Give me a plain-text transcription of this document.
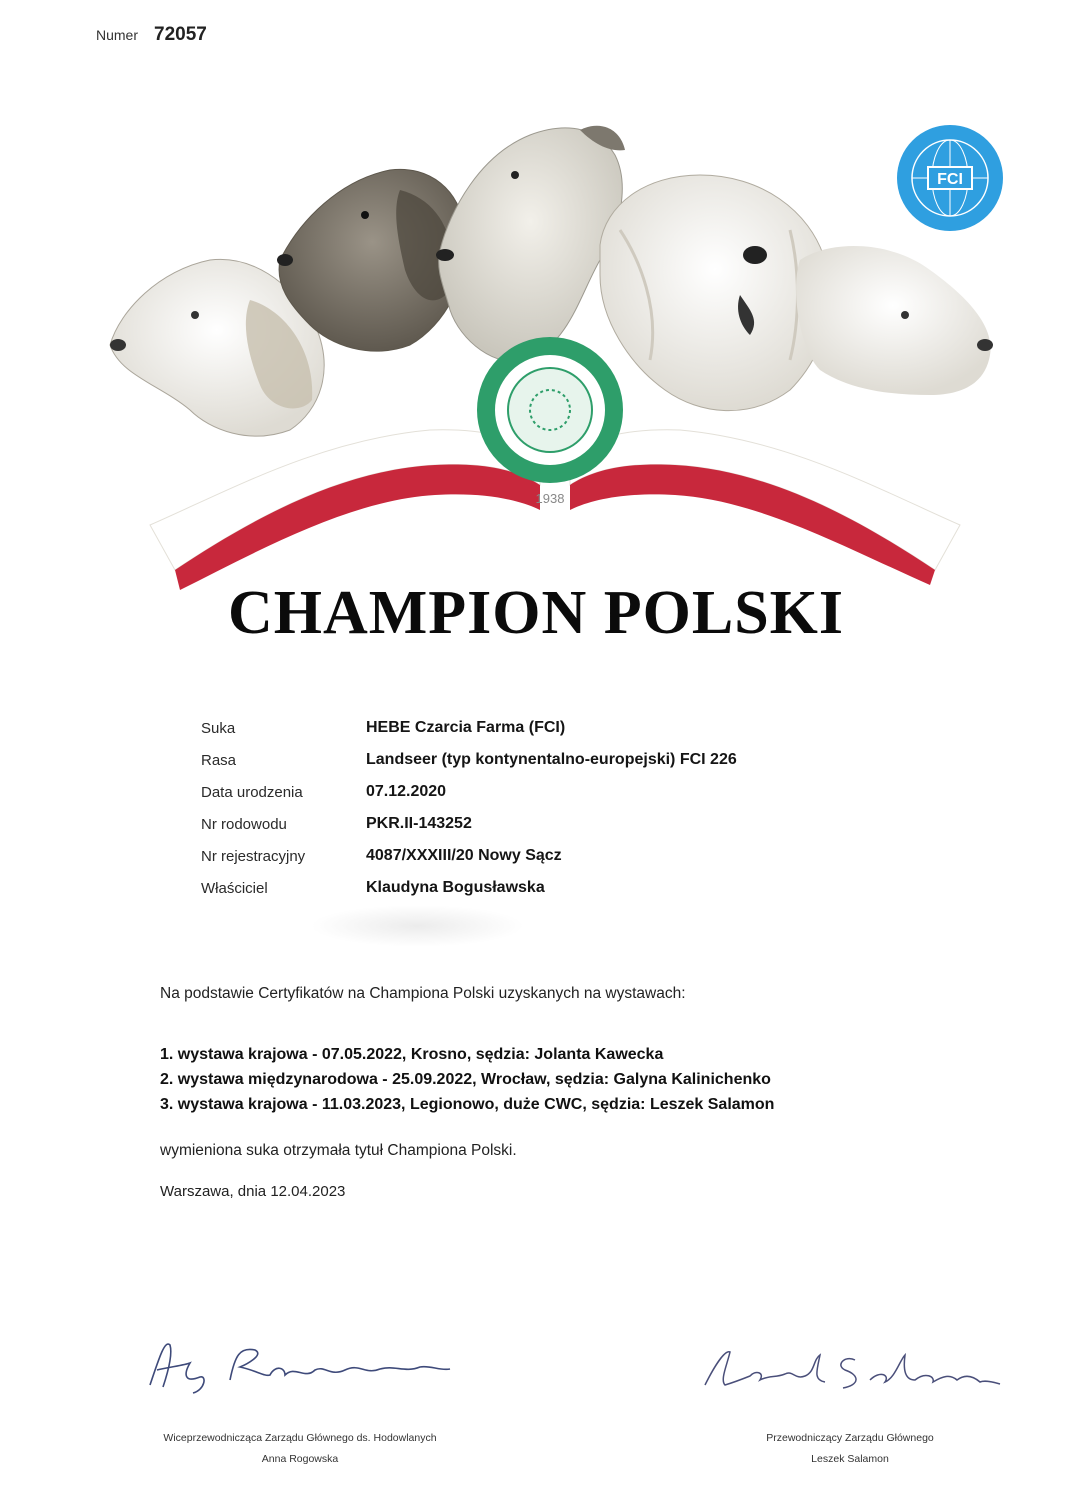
Numer 72057
1938
FCI
CHAMPION POLSKI
Suka	HEBE Czarcia Farma (FCI)
Rasa	Landseer (typ kontynentalno-europejski) FCI 226
Data urodzenia	07.12.2020
Nr rodowodu	PKR.II-143252
Nr rejestracyjny	4087/XXXIII/20 Nowy Sącz
Właściciel	Klaudyna Bogusławska
Na podstawie Certyfikatów na Championa Polski uzyskanych na wystawach:
1. wystawa krajowa - 07.05.2022, Krosno, sędzia: Jolanta Kawecka
2. wystawa międzynarodowa - 25.09.2022, Wrocław, sędzia: Galyna Kalinichenko
3. wystawa krajowa - 11.03.2023, Legionowo, duże CWC, sędzia: Leszek Salamon
wymieniona suka otrzymała tytuł Championa Polski.
Warszawa, dnia 12.04.2023
Wiceprzewodnicząca Zarządu Głównego ds. Hodowlanych
Anna Rogowska
Przewodniczący Zarządu Głównego
Leszek Salamon
